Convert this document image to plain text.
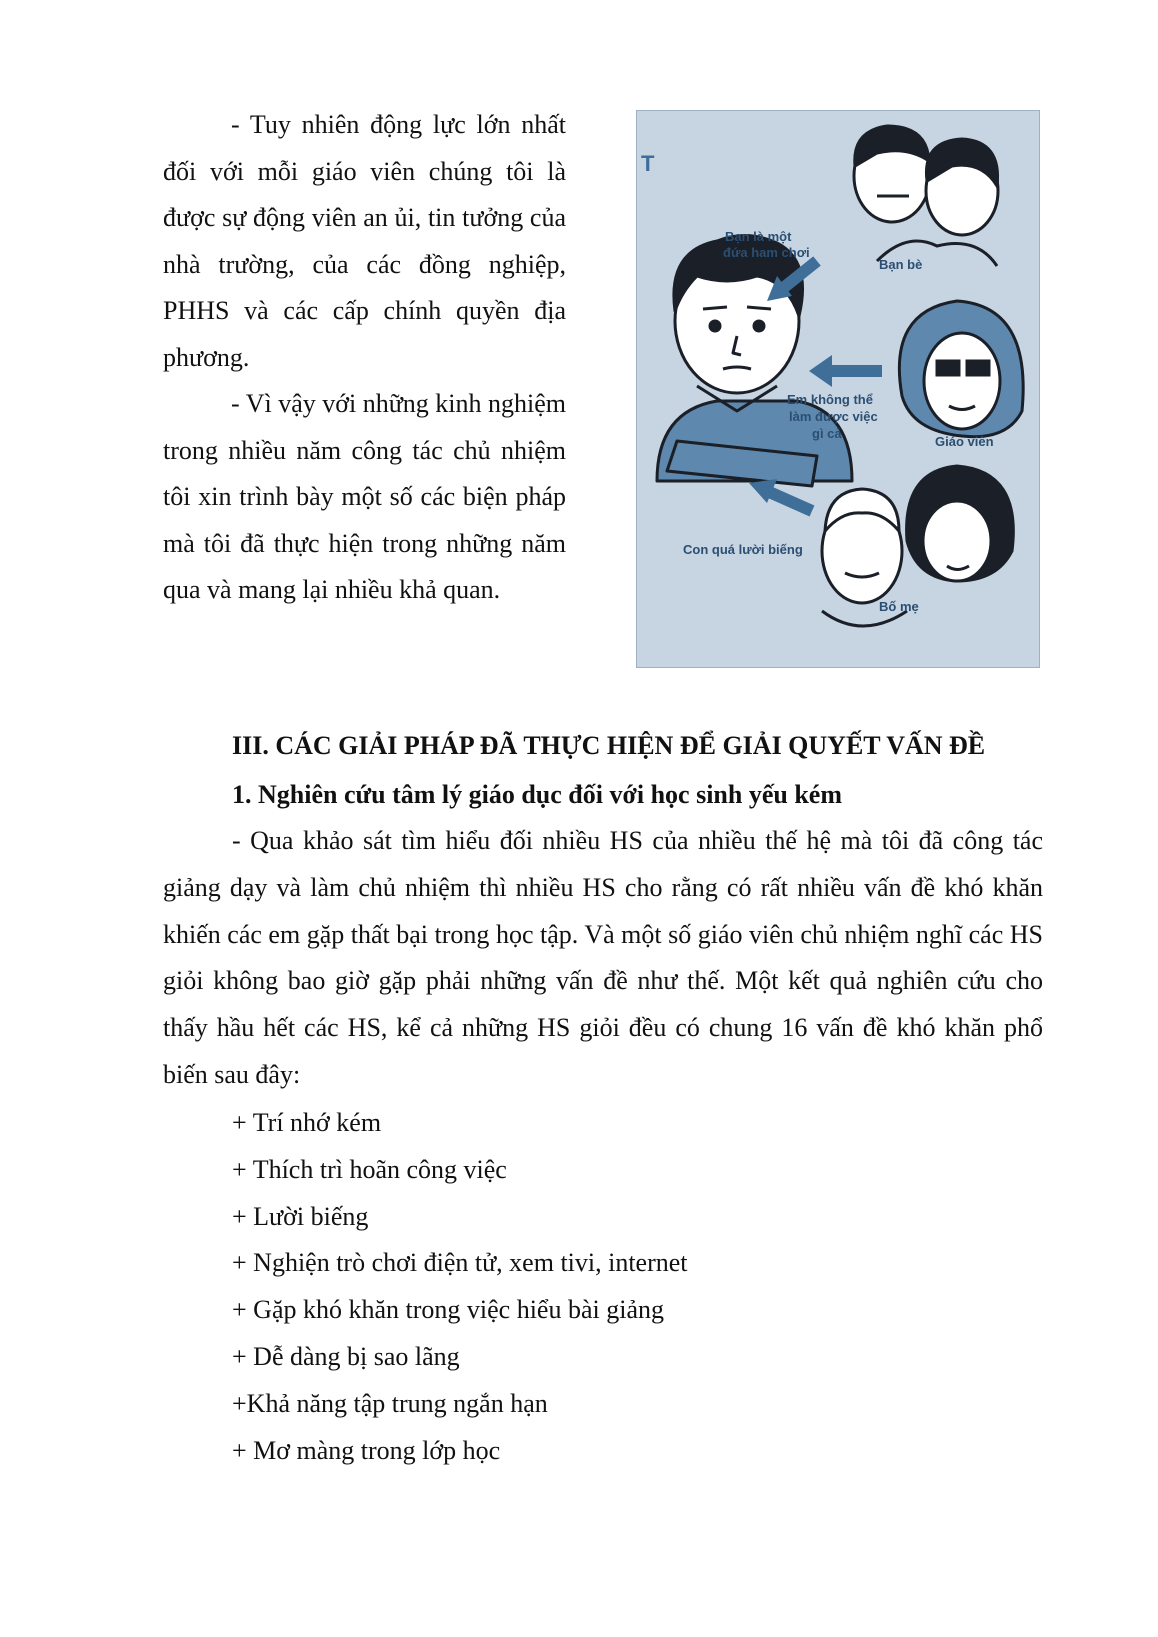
- Tuy nhiên động lực lớn nhất đối với mỗi giáo viên chúng tôi là được sự động viên an ủi, tin tưởng của nhà trường, của các đồng nghiệp, PHHS và các cấp chính quyền địa phương.

- Vì vậy với những kinh nghiệm trong nhiều năm công tác chủ nhiệm tôi xin trình bày một số các biện pháp mà tôi đã thực hiện trong những năm qua và mang lại nhiều khả quan.

T
Bạn là một
đứa ham chơi
Bạn bè
Em không thể
làm được việc
gì cả
Giáo viên
Con quá lười biếng
Bố mẹ
III. CÁC GIẢI PHÁP ĐÃ THỰC HIỆN ĐỂ GIẢI QUYẾT VẤN ĐỀ
1. Nghiên cứu tâm lý giáo dục đối với học sinh yếu kém

- Qua khảo sát tìm hiểu đối nhiều HS của nhiều thế hệ mà tôi đã công tác giảng dạy và làm chủ nhiệm thì nhiều HS cho rằng có rất nhiều vấn đề khó khăn khiến các em gặp thất bại trong học tập. Và một số giáo viên chủ nhiệm nghĩ các HS giỏi không bao giờ gặp phải những vấn đề như thế. Một kết quả nghiên cứu cho thấy hầu hết các HS, kể cả những HS giỏi đều có chung 16 vấn đề khó khăn phổ biến sau đây:

+ Trí nhớ kém
+ Thích trì hoãn công việc
+ Lười biếng
+ Nghiện trò chơi điện tử, xem tivi, internet
+ Gặp khó khăn trong việc hiểu bài giảng
+ Dễ dàng bị sao lãng
+Khả năng tập trung ngắn hạn
+ Mơ màng trong lớp học
